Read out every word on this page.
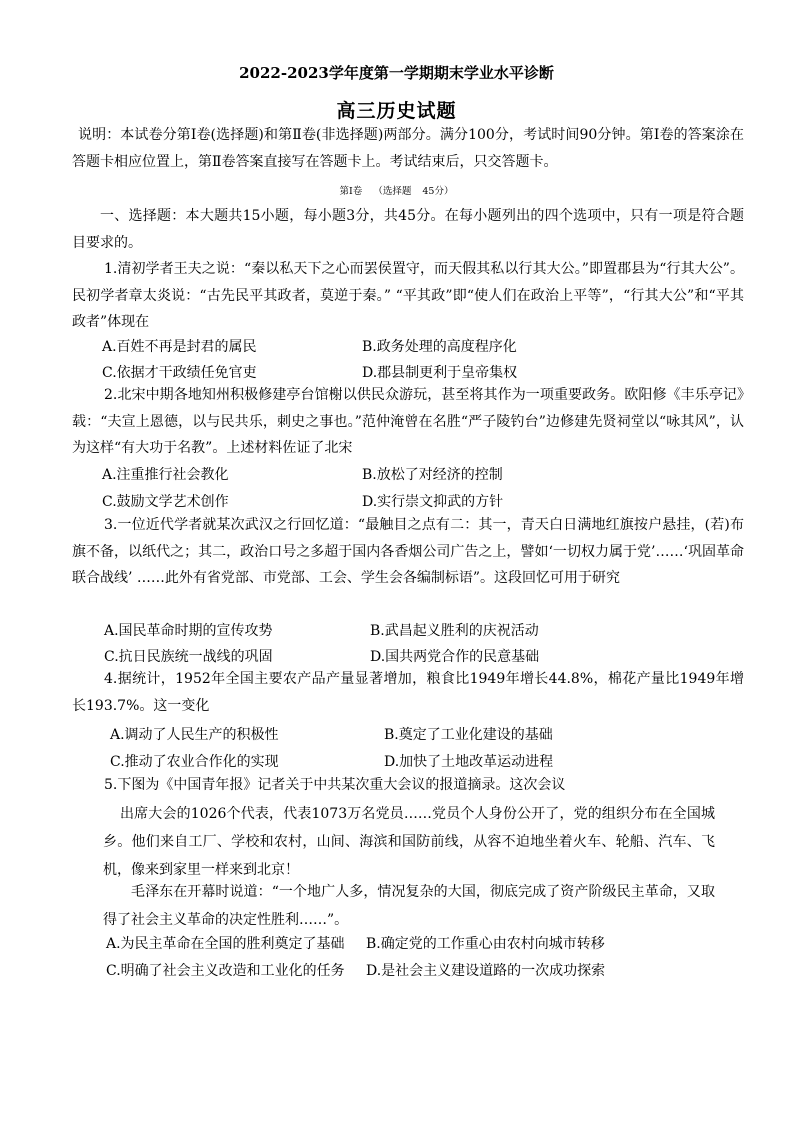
2022-2023学年度第一学期期末学业水平诊断
高三历史试题
说明：本试卷分第Ⅰ卷(选择题)和第Ⅱ卷(非选择题)两部分。满分100分，考试时间90分钟。第Ⅰ卷的答案涂在答题卡相应位置上，第Ⅱ卷答案直接写在答题卡上。考试结束后，只交答题卡。
第Ⅰ卷 （选择题 45分）
一、选择题：本大题共15小题，每小题3分，共45分。在每小题列出的四个选项中，只有一项是符合题目要求的。
1.清初学者王夫之说：“秦以私天下之心而罢侯置守，而天假其私以行其大公。”即置郡县为“行其大公”。民初学者章太炎说：“古先民平其政者，莫逆于秦。” “平其政”即“使人们在政治上平等”，“行其大公”和“平其政者”体现在
A.百姓不再是封君的属民	B.政务处理的高度程序化
C.依据才干政绩任免官吏	D.郡县制更利于皇帝集权
2.北宋中期各地知州积极修建亭台馆榭以供民众游玩，甚至将其作为一项重要政务。欧阳修《丰乐亭记》载：“夫宣上恩德，以与民共乐，刺史之事也。”范仲淹曾在名胜“严子陵钓台”边修建先贤祠堂以“咏其风”，认为这样“有大功于名教”。上述材料佐证了北宋
A.注重推行社会教化	B.放松了对经济的控制
C.鼓励文学艺术创作	D.实行崇文抑武的方针
3.一位近代学者就某次武汉之行回忆道：“最触目之点有二：其一，青天白日满地红旗按户悬挂，(若)布旗不备，以纸代之；其二，政治口号之多超于国内各香烟公司广告之上，譬如‘一切权力属于党’……‘巩固革命联合战线’ ……此外有省党部、市党部、工会、学生会各编制标语”。这段回忆可用于研究
A.国民革命时期的宣传攻势	B.武昌起义胜利的庆祝活动
C.抗日民族统一战线的巩固	D.国共两党合作的民意基础
4.据统计，1952年全国主要农产品产量显著增加，粮食比1949年增长44.8%，棉花产量比1949年增长193.7%。这一变化
A.调动了人民生产的积极性	B.奠定了工业化建设的基础
C.推动了农业合作化的实现	D.加快了土地改革运动进程
5.下图为《中国青年报》记者关于中共某次重大会议的报道摘录。这次会议
出席大会的1026个代表，代表1073万名党员……党员个人身份公开了，党的组织分布在全国城乡。他们来自工厂、学校和农村，山间、海滨和国防前线，从容不迫地坐着火车、轮船、汽车、飞机，像来到家里一样来到北京！
毛泽东在开幕时说道：“一个地广人多，情况复杂的大国，彻底完成了资产阶级民主革命，又取得了社会主义革命的决定性胜利……”。
A.为民主革命在全国的胜利奠定了基础 B.确定党的工作重心由农村向城市转移
C.明确了社会主义改造和工业化的任务 D.是社会主义建设道路的一次成功探索
